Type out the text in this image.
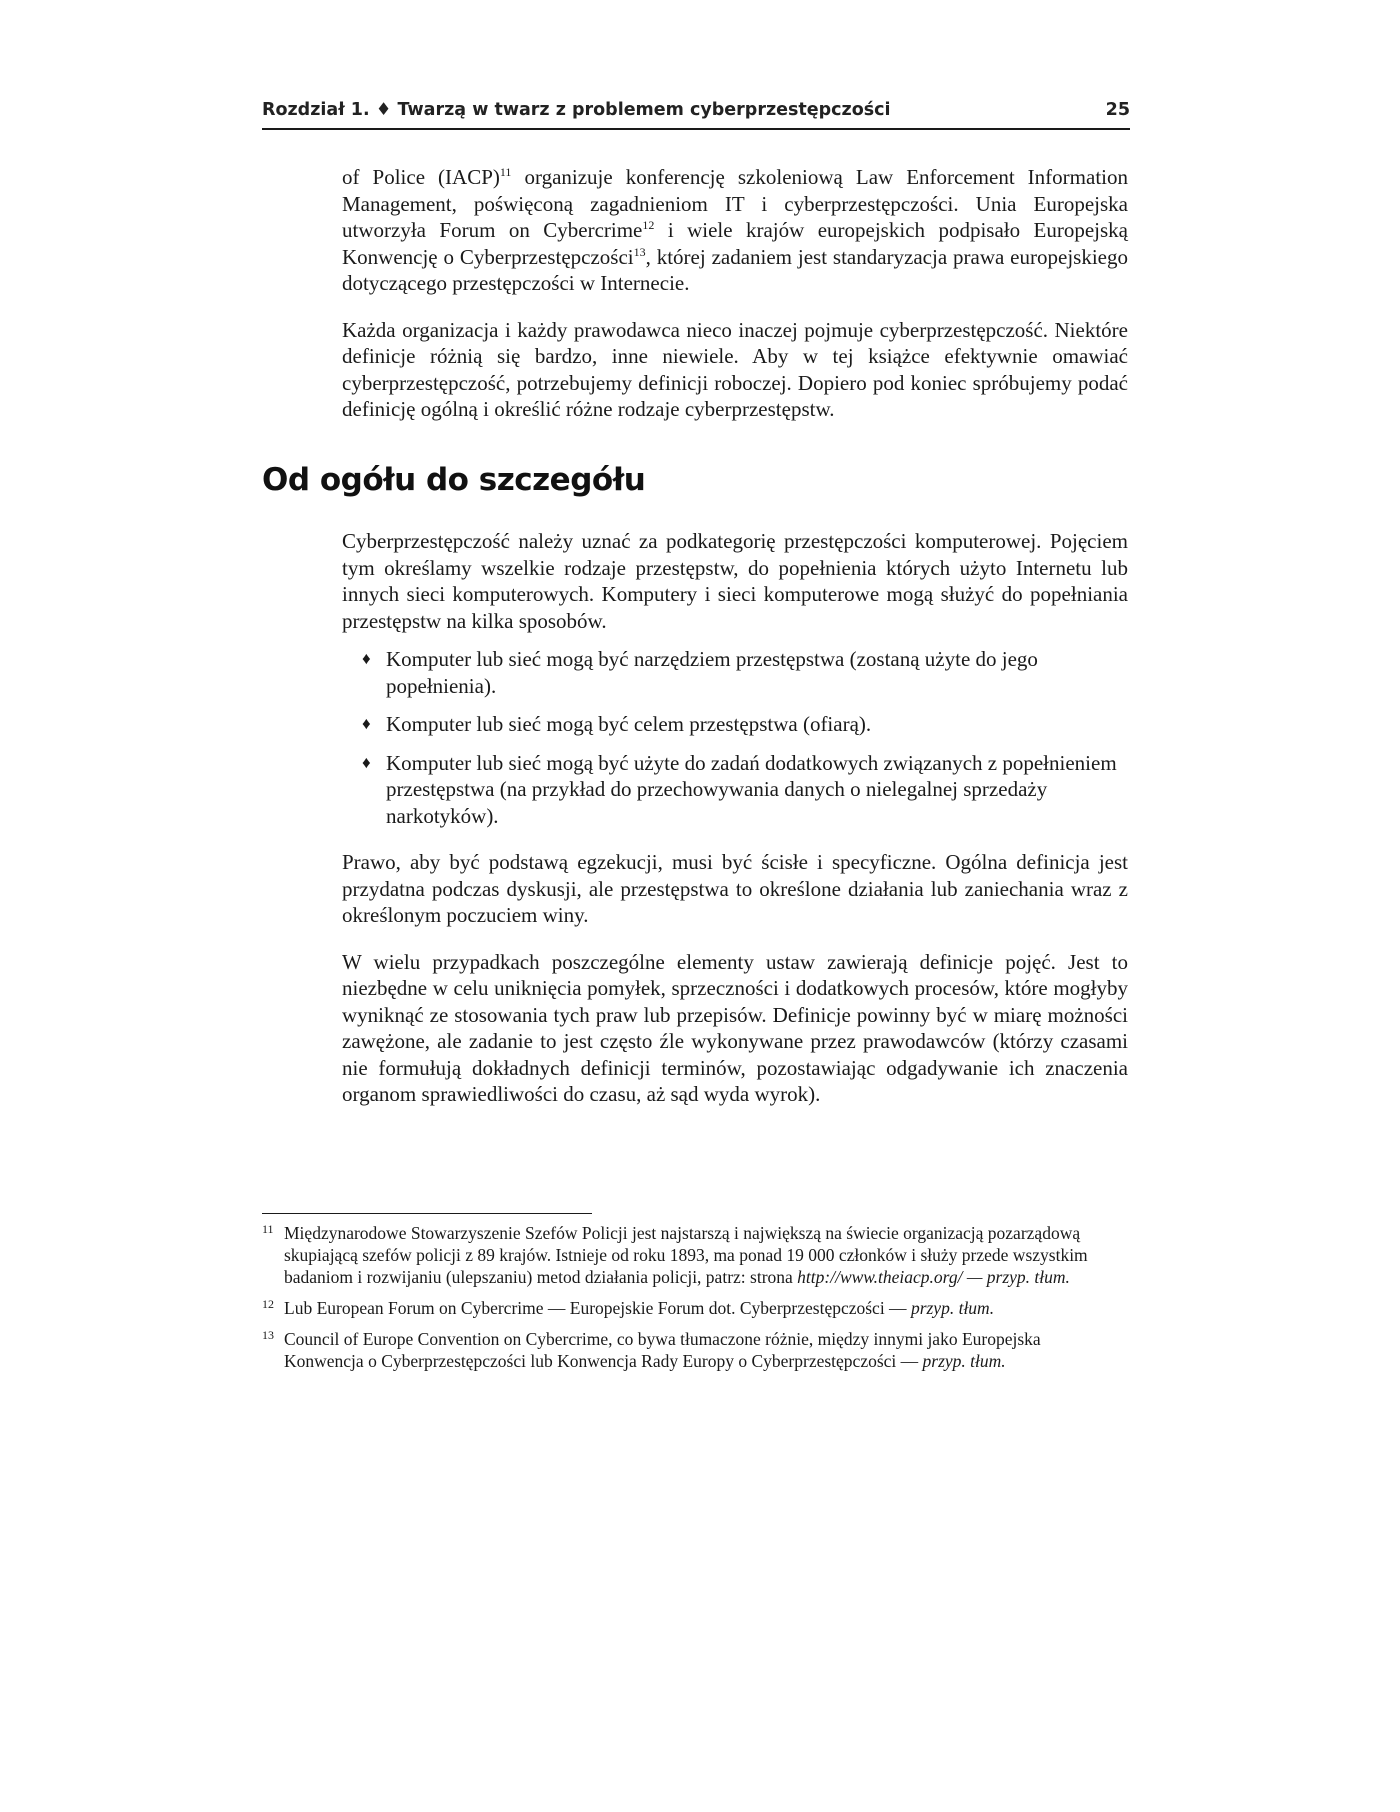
Rozdział 1. ♦ Twarzą w twarz z problemem cyberprzestępczości	25

of Police (IACP)$^{11}$ organizuje konferencję szkoleniową Law Enforcement Information Management, poświęconą zagadnieniom IT i cyberprzestępczości. Unia Europejska utworzyła Forum on Cybercrime$^{12}$ i wiele krajów europejskich podpisało Europejską Konwencję o Cyberprzestępczości$^{13}$, której zadaniem jest standaryzacja prawa europejskiego dotyczącego przestępczości w Internecie.

Każda organizacja i każdy prawodawca nieco inaczej pojmuje cyberprzestępczość. Niektóre definicje różnią się bardzo, inne niewiele. Aby w tej książce efektywnie omawiać cyberprzestępczość, potrzebujemy definicji roboczej. Dopiero pod koniec spróbujemy podać definicję ogólną i określić różne rodzaje cyberprzestępstw.

Od ogółu do szczegółu

Cyberprzestępczość należy uznać za podkategorię przestępczości komputerowej. Pojęciem tym określamy wszelkie rodzaje przestępstw, do popełnienia których użyto Internetu lub innych sieci komputerowych. Komputery i sieci komputerowe mogą służyć do popełniania przestępstw na kilka sposobów.

♦ Komputer lub sieć mogą być narzędziem przestępstwa (zostaną użyte do jego popełnienia).
♦ Komputer lub sieć mogą być celem przestępstwa (ofiarą).
♦ Komputer lub sieć mogą być użyte do zadań dodatkowych związanych z popełnieniem przestępstwa (na przykład do przechowywania danych o nielegalnej sprzedaży narkotyków).

Prawo, aby być podstawą egzekucji, musi być ścisłe i specyficzne. Ogólna definicja jest przydatna podczas dyskusji, ale przestępstwa to określone działania lub zaniechania wraz z określonym poczuciem winy.

W wielu przypadkach poszczególne elementy ustaw zawierają definicje pojęć. Jest to niezbędne w celu uniknięcia pomyłek, sprzeczności i dodatkowych procesów, które mogłyby wyniknąć ze stosowania tych praw lub przepisów. Definicje powinny być w miarę możności zawężone, ale zadanie to jest często źle wykonywane przez prawodawców (którzy czasami nie formułują dokładnych definicji terminów, pozostawiając odgadywanie ich znaczenia organom sprawiedliwości do czasu, aż sąd wyda wyrok).

11 Międzynarodowe Stowarzyszenie Szefów Policji jest najstarszą i największą na świecie organizacją pozarządową skupiającą szefów policji z 89 krajów. Istnieje od roku 1893, ma ponad 19 000 członków i służy przede wszystkim badaniom i rozwijaniu (ulepszaniu) metod działania policji, patrz: strona http://www.theiacp.org/ — przyp. tłum.

12 Lub European Forum on Cybercrime — Europejskie Forum dot. Cyberprzestępczości — przyp. tłum.

13 Council of Europe Convention on Cybercrime, co bywa tłumaczone różnie, między innymi jako Europejska Konwencja o Cyberprzestępczości lub Konwencja Rady Europy o Cyberprzestępczości — przyp. tłum.
